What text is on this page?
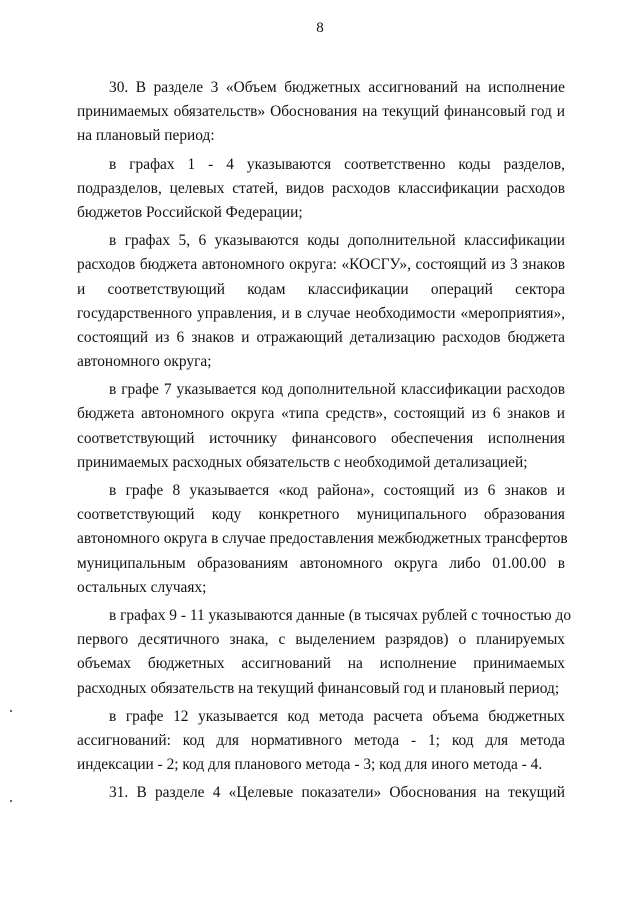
8
30. В разделе 3 «Объем бюджетных ассигнований на исполнение
принимаемых обязательств» Обоснования на текущий финансовый год и
на плановый период:
в графах 1 - 4 указываются соответственно коды разделов,
подразделов, целевых статей, видов расходов классификации расходов
бюджетов Российской Федерации;
в графах 5, 6 указываются коды дополнительной классификации
расходов бюджета автономного округа: «КОСГУ», состоящий из 3 знаков
и соответствующий кодам классификации операций сектора
государственного управления, и в случае необходимости «мероприятия»,
состоящий из 6 знаков и отражающий детализацию расходов бюджета
автономного округа;
в графе 7 указывается код дополнительной классификации расходов
бюджета автономного округа «типа средств», состоящий из 6 знаков и
соответствующий источнику финансового обеспечения исполнения
принимаемых расходных обязательств с необходимой детализацией;
в графе 8 указывается «код района», состоящий из 6 знаков и
соответствующий коду конкретного муниципального образования
автономного округа в случае предоставления межбюджетных трансфертов
муниципальным образованиям автономного округа либо 01.00.00 в
остальных случаях;
в графах 9 - 11 указываются данные (в тысячах рублей с точностью до
первого десятичного знака, с выделением разрядов) о планируемых
объемах бюджетных ассигнований на исполнение принимаемых
расходных обязательств на текущий финансовый год и плановый период;
в графе 12 указывается код метода расчета объема бюджетных
ассигнований: код для нормативного метода - 1; код для метода
индексации - 2; код для планового метода - 3; код для иного метода - 4.
31. В разделе 4 «Целевые показатели» Обоснования на текущий
